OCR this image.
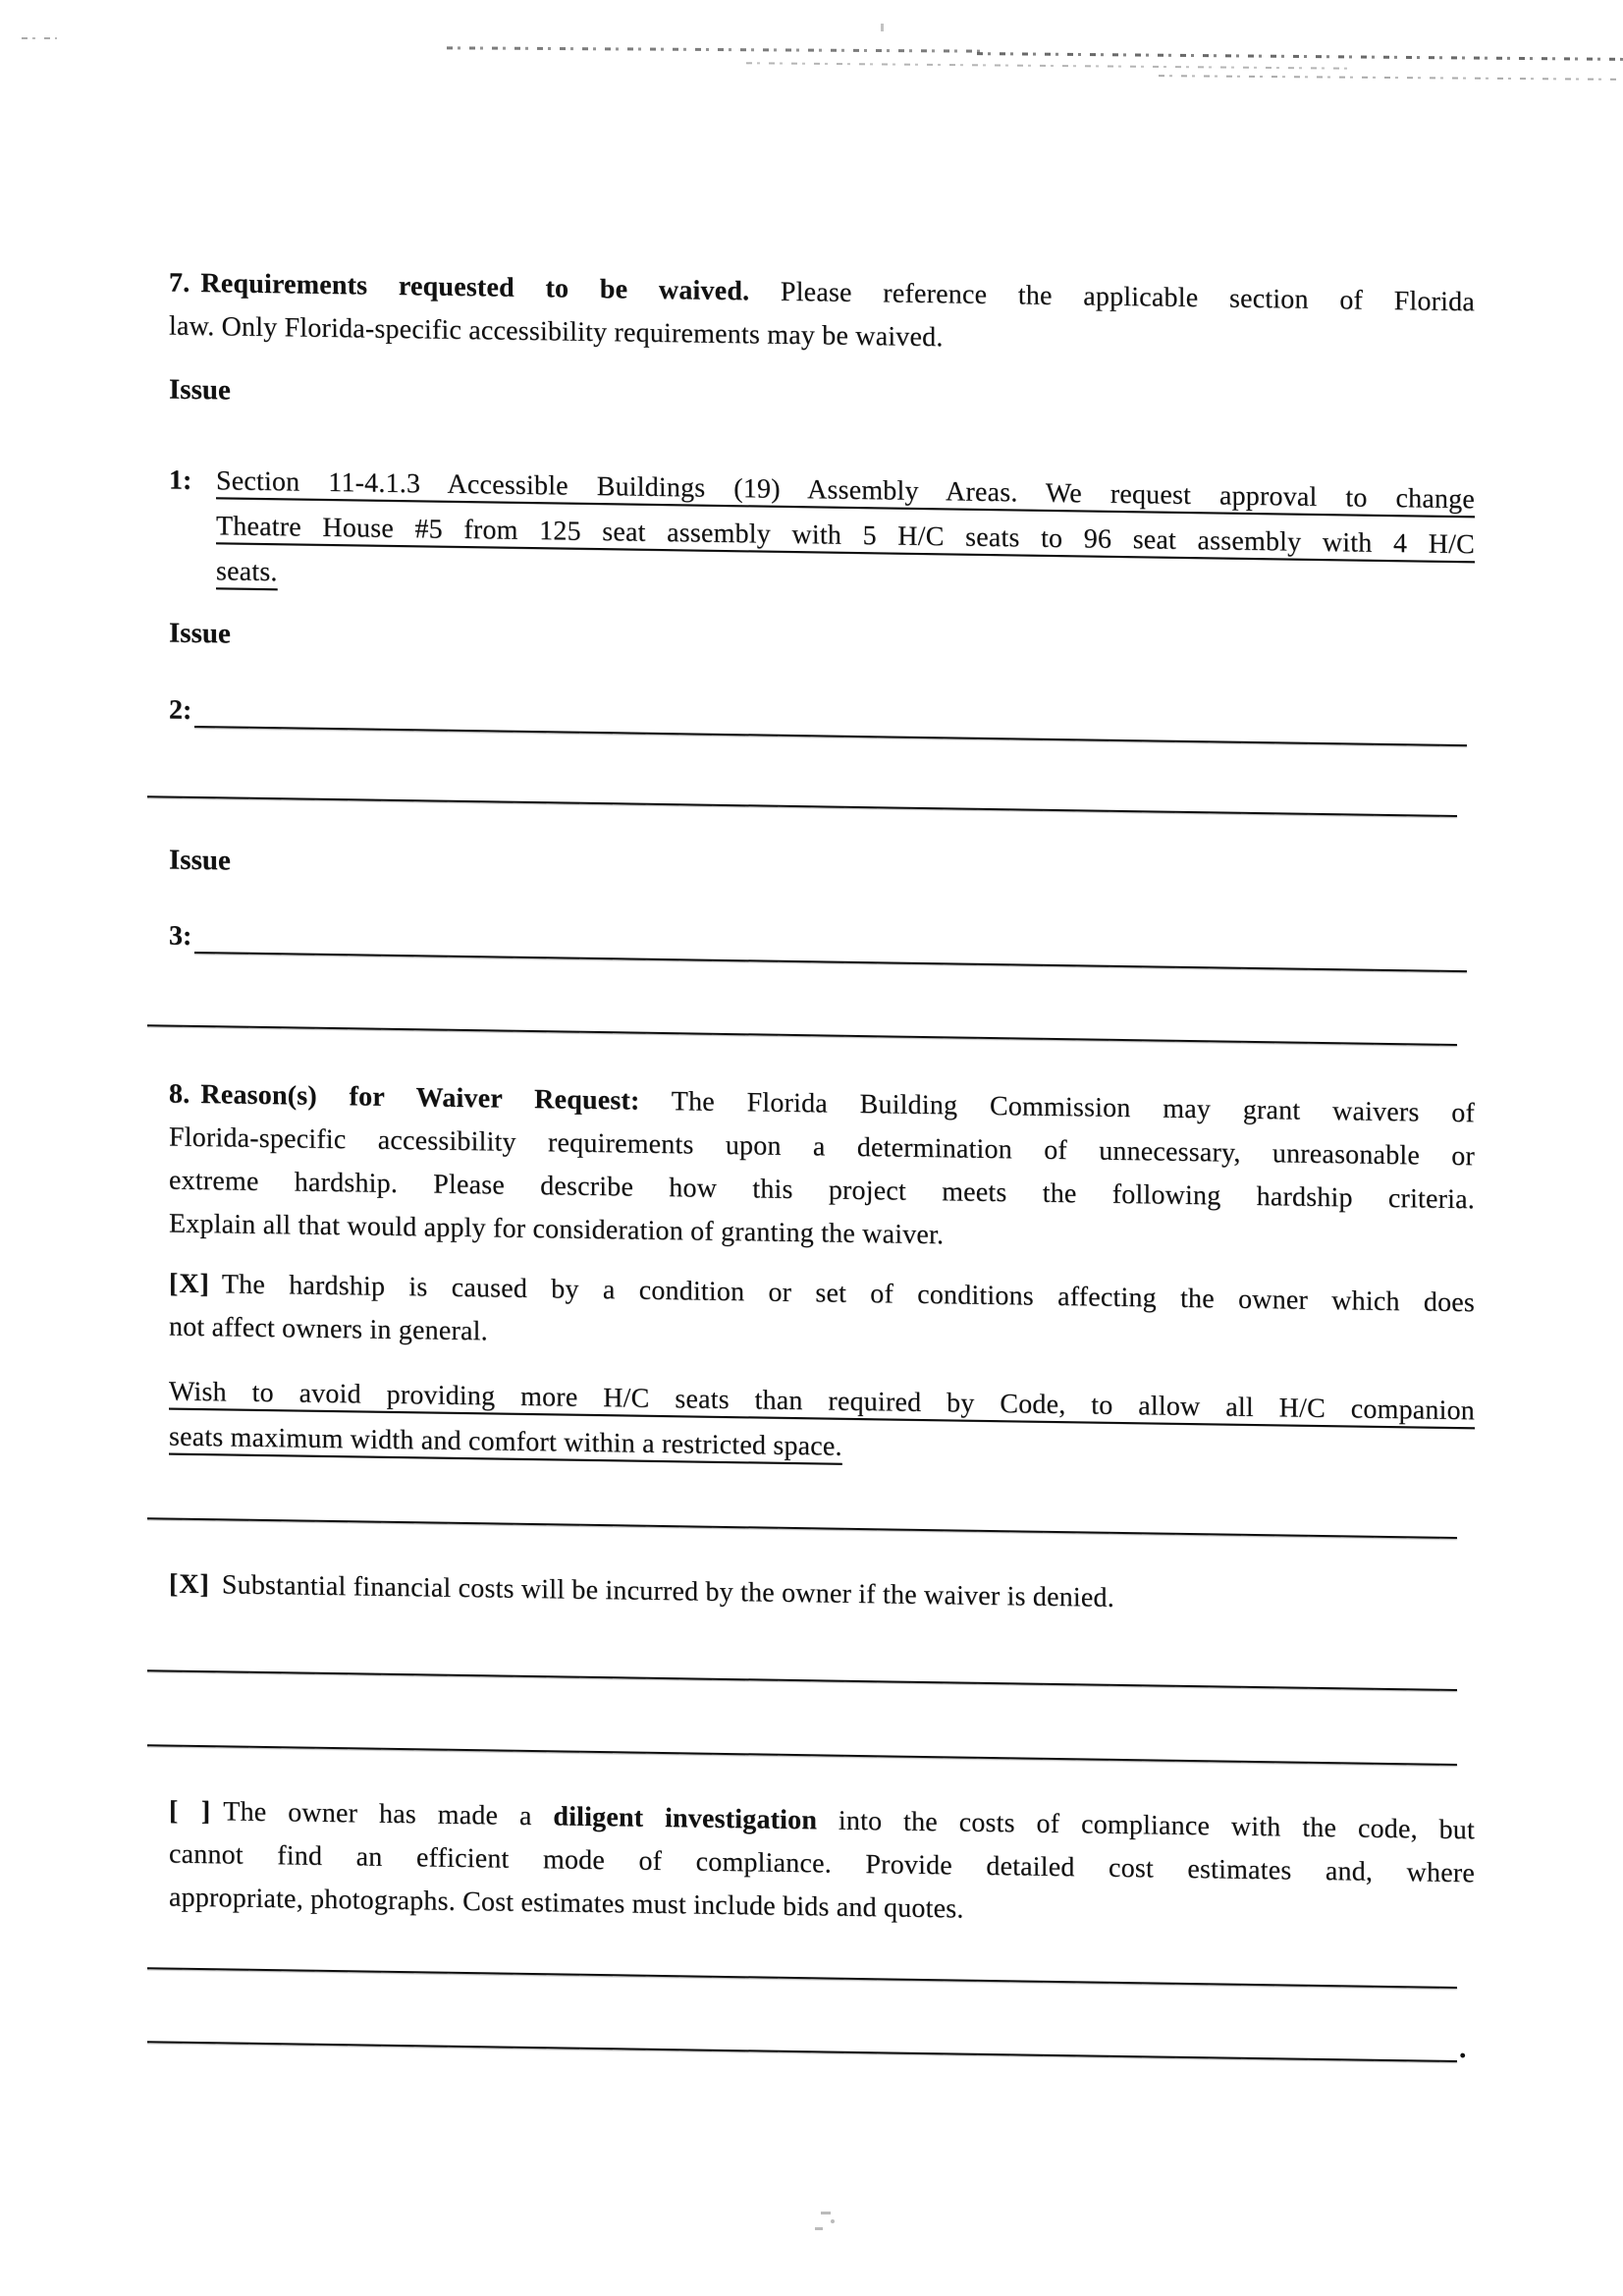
7. Requirements requested to be waived. Please reference the applicable section of Florida
law. Only Florida-specific accessibility requirements may be waived.
Issue
1: Section 11-4.1.3 Accessible Buildings (19) Assembly Areas. We request approval to change
Theatre House #5 from 125 seat assembly with 5 H/C seats to 96 seat assembly with 4 H/C
seats.
Issue
2:
Issue
3:
8. Reason(s) for Waiver Request: The Florida Building Commission may grant waivers of
Florida-specific accessibility requirements upon a determination of unnecessary, unreasonable or
extreme hardship. Please describe how this project meets the following hardship criteria.
Explain all that would apply for consideration of granting the waiver.
[X] The hardship is caused by a condition or set of conditions affecting the owner which does
not affect owners in general.
Wish to avoid providing more H/C seats than required by Code, to allow all H/C companion
seats maximum width and comfort within a restricted space.
[X] Substantial financial costs will be incurred by the owner if the waiver is denied.
[ ] The owner has made a diligent investigation into the costs of compliance with the code, but
cannot find an efficient mode of compliance. Provide detailed cost estimates and, where
appropriate, photographs. Cost estimates must include bids and quotes.
.
